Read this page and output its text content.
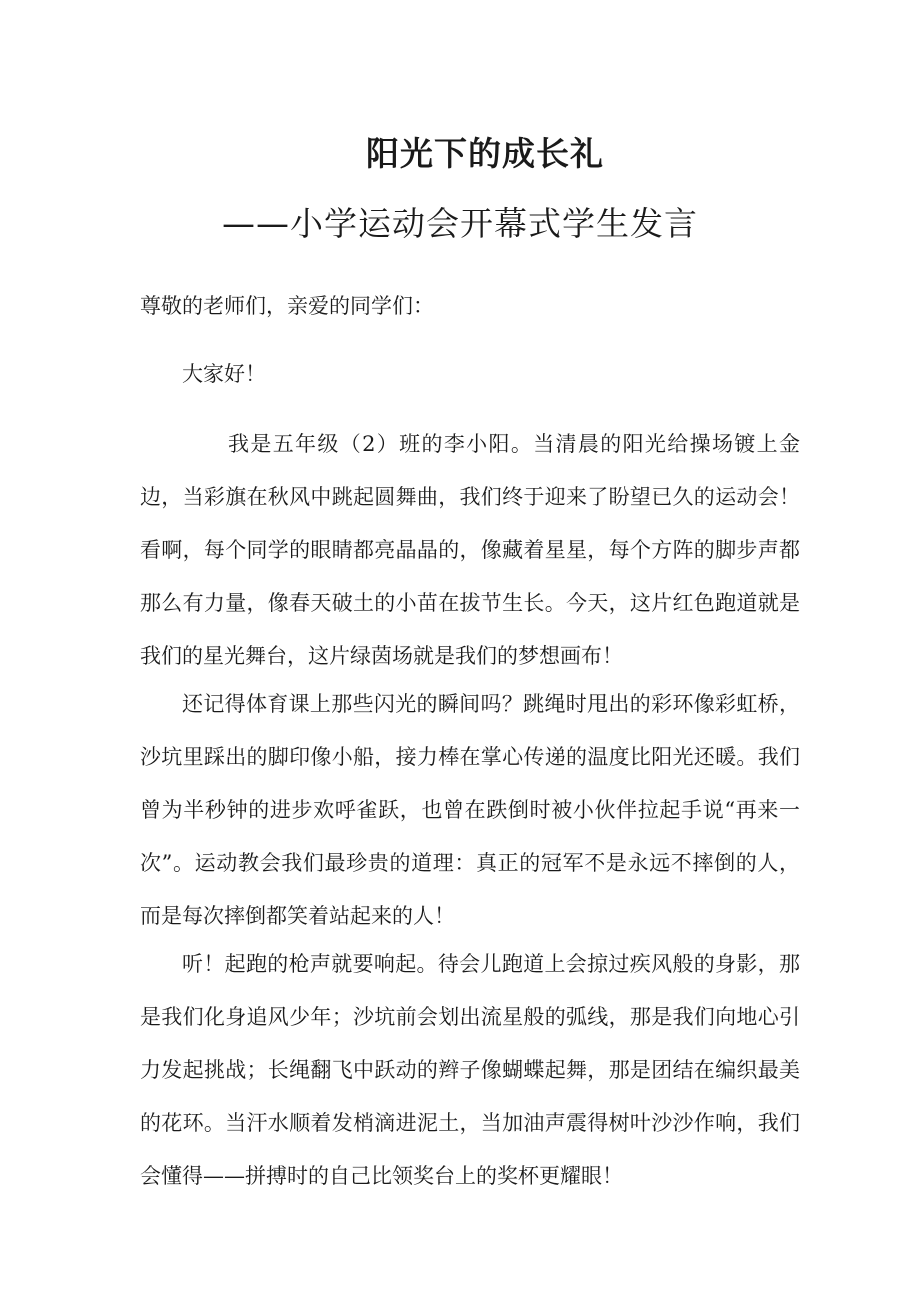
阳光下的成长礼
——小学运动会开幕式学生发言
尊敬的老师们，亲爱的同学们：
大家好！

我是五年级（2）班的李小阳。当清晨的阳光给操场镀上金边，当彩旗在秋风中跳起圆舞曲，我们终于迎来了盼望已久的运动会！看啊，每个同学的眼睛都亮晶晶的，像藏着星星，每个方阵的脚步声都那么有力量，像春天破土的小苗在拔节生长。今天，这片红色跑道就是我们的星光舞台，这片绿茵场就是我们的梦想画布！

还记得体育课上那些闪光的瞬间吗？跳绳时甩出的彩环像彩虹桥，沙坑里踩出的脚印像小船，接力棒在掌心传递的温度比阳光还暖。我们曾为半秒钟的进步欢呼雀跃，也曾在跌倒时被小伙伴拉起手说“再来一次”。运动教会我们最珍贵的道理：真正的冠军不是永远不摔倒的人，而是每次摔倒都笑着站起来的人！

听！起跑的枪声就要响起。待会儿跑道上会掠过疾风般的身影，那是我们化身追风少年；沙坑前会划出流星般的弧线，那是我们向地心引力发起挑战；长绳翻飞中跃动的辫子像蝴蝶起舞，那是团结在编织最美的花环。当汗水顺着发梢滴进泥土，当加油声震得树叶沙沙作响，我们会懂得——拼搏时的自己比领奖台上的奖杯更耀眼！
